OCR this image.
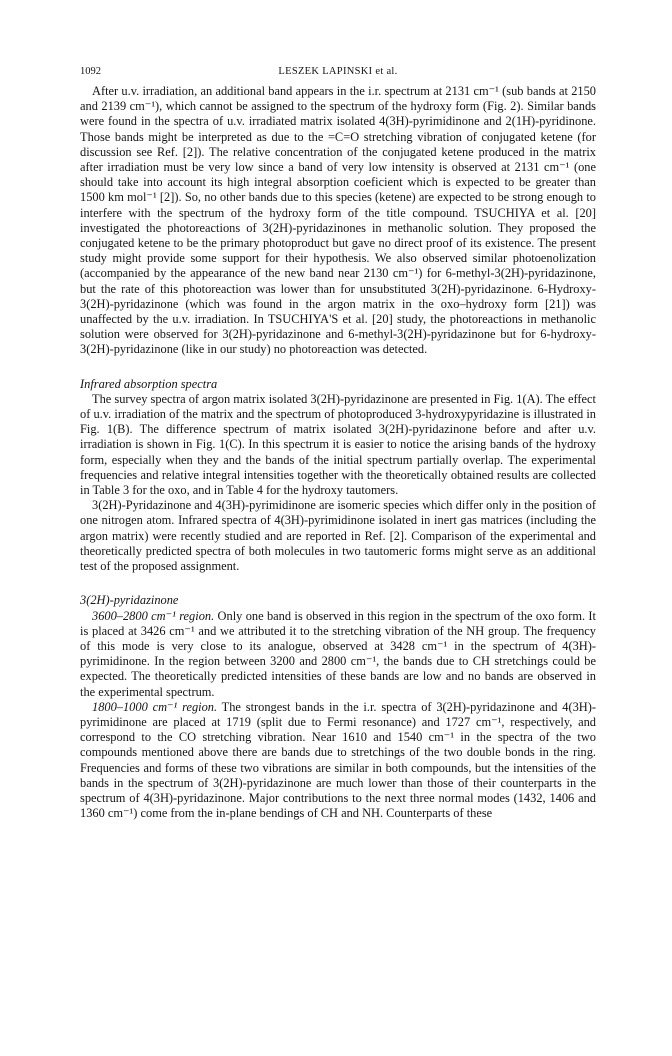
1092	LESZEK LAPINSKI et al.

After u.v. irradiation, an additional band appears in the i.r. spectrum at 2131 cm⁻¹ (sub bands at 2150 and 2139 cm⁻¹), which cannot be assigned to the spectrum of the hydroxy form (Fig. 2). Similar bands were found in the spectra of u.v. irradiated matrix isolated 4(3H)-pyrimidinone and 2(1H)-pyridinone. Those bands might be interpreted as due to the =C=O stretching vibration of conjugated ketene (for discussion see Ref. [2]). The relative concentration of the conjugated ketene produced in the matrix after irradiation must be very low since a band of very low intensity is observed at 2131 cm⁻¹ (one should take into account its high integral absorption coeficient which is expected to be greater than 1500 km mol⁻¹ [2]). So, no other bands due to this species (ketene) are expected to be strong enough to interfere with the spectrum of the hydroxy form of the title compound. TSUCHIYA et al. [20] investigated the photoreactions of 3(2H)-pyridazinones in methanolic solution. They proposed the conjugated ketene to be the primary photoproduct but gave no direct proof of its existence. The present study might provide some support for their hypothesis. We also observed similar photoenolization (accompanied by the appearance of the new band near 2130 cm⁻¹) for 6-methyl-3(2H)-pyridazinone, but the rate of this photoreaction was lower than for unsubstituted 3(2H)-pyridazinone. 6-Hydroxy-3(2H)-pyridazinone (which was found in the argon matrix in the oxo–hydroxy form [21]) was unaffected by the u.v. irradiation. In TSUCHIYA'S et al. [20] study, the photoreactions in methanolic solution were observed for 3(2H)-pyridazinone and 6-methyl-3(2H)-pyridazinone but for 6-hydroxy-3(2H)-pyridazinone (like in our study) no photoreaction was detected.

Infrared absorption spectra

The survey spectra of argon matrix isolated 3(2H)-pyridazinone are presented in Fig. 1(A). The effect of u.v. irradiation of the matrix and the spectrum of photoproduced 3-hydroxypyridazine is illustrated in Fig. 1(B). The difference spectrum of matrix isolated 3(2H)-pyridazinone before and after u.v. irradiation is shown in Fig. 1(C). In this spectrum it is easier to notice the arising bands of the hydroxy form, especially when they and the bands of the initial spectrum partially overlap. The experimental frequencies and relative integral intensities together with the theoretically obtained results are collected in Table 3 for the oxo, and in Table 4 for the hydroxy tautomers.

3(2H)-Pyridazinone and 4(3H)-pyrimidinone are isomeric species which differ only in the position of one nitrogen atom. Infrared spectra of 4(3H)-pyrimidinone isolated in inert gas matrices (including the argon matrix) were recently studied and are reported in Ref. [2]. Comparison of the experimental and theoretically predicted spectra of both molecules in two tautomeric forms might serve as an additional test of the proposed assignment.

3(2H)-pyridazinone

3600–2800 cm⁻¹ region. Only one band is observed in this region in the spectrum of the oxo form. It is placed at 3426 cm⁻¹ and we attributed it to the stretching vibration of the NH group. The frequency of this mode is very close to its analogue, observed at 3428 cm⁻¹ in the spectrum of 4(3H)-pyrimidinone. In the region between 3200 and 2800 cm⁻¹, the bands due to CH stretchings could be expected. The theoretically predicted intensities of these bands are low and no bands are observed in the experimental spectrum.

1800–1000 cm⁻¹ region. The strongest bands in the i.r. spectra of 3(2H)-pyridazinone and 4(3H)-pyrimidinone are placed at 1719 (split due to Fermi resonance) and 1727 cm⁻¹, respectively, and correspond to the CO stretching vibration. Near 1610 and 1540 cm⁻¹ in the spectra of the two compounds mentioned above there are bands due to stretchings of the two double bonds in the ring. Frequencies and forms of these two vibrations are similar in both compounds, but the intensities of the bands in the spectrum of 3(2H)-pyridazinone are much lower than those of their counterparts in the spectrum of 4(3H)-pyridazinone. Major contributions to the next three normal modes (1432, 1406 and 1360 cm⁻¹) come from the in-plane bendings of CH and NH. Counterparts of these
